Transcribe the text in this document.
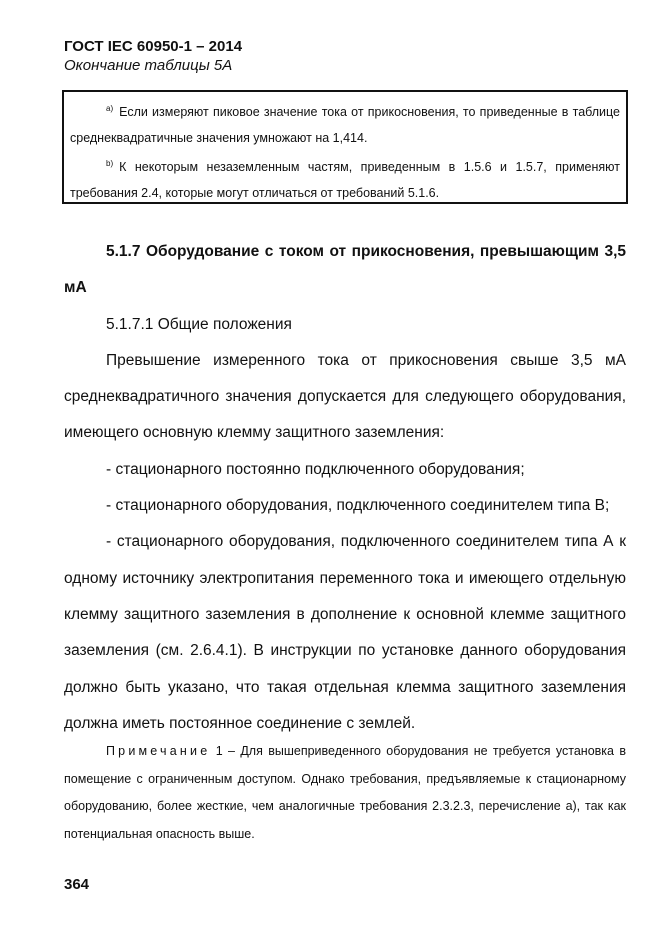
ГОСТ IEC 60950-1 – 2014
Окончание таблицы 5А

$^{a)}$ Если измеряют пиковое значение тока от прикосновения, то приведенные в таблице среднеквадратичные значения умножают на 1,414.

$^{b)}$ К некоторым незаземленным частям, приведенным в 1.5.6 и 1.5.7, применяют требования 2.4, которые могут отличаться от требований 5.1.6.

5.1.7 Оборудование с током от прикосновения, превышающим 3,5 мА

5.1.7.1 Общие положения

Превышение измеренного тока от прикосновения свыше 3,5 мА среднеквадратичного значения допускается для следующего оборудования, имеющего основную клемму защитного заземления:

- стационарного постоянно подключенного оборудования;

- стационарного оборудования, подключенного соединителем типа В;

- стационарного оборудования, подключенного соединителем типа А к одному источнику электропитания переменного тока и имеющего отдельную клемму защитного заземления в дополнение к основной клемме защитного заземления (см. 2.6.4.1). В инструкции по установке данного оборудования должно быть указано, что такая отдельная клемма защитного заземления должна иметь постоянное соединение с землей.

Примечание 1 – Для вышеприведенного оборудования не требуется установка в помещение с ограниченным доступом. Однако требования, предъявляемые к стационарному оборудованию, более жесткие, чем аналогичные требования 2.3.2.3, перечисление а), так как потенциальная опасность выше.
364
